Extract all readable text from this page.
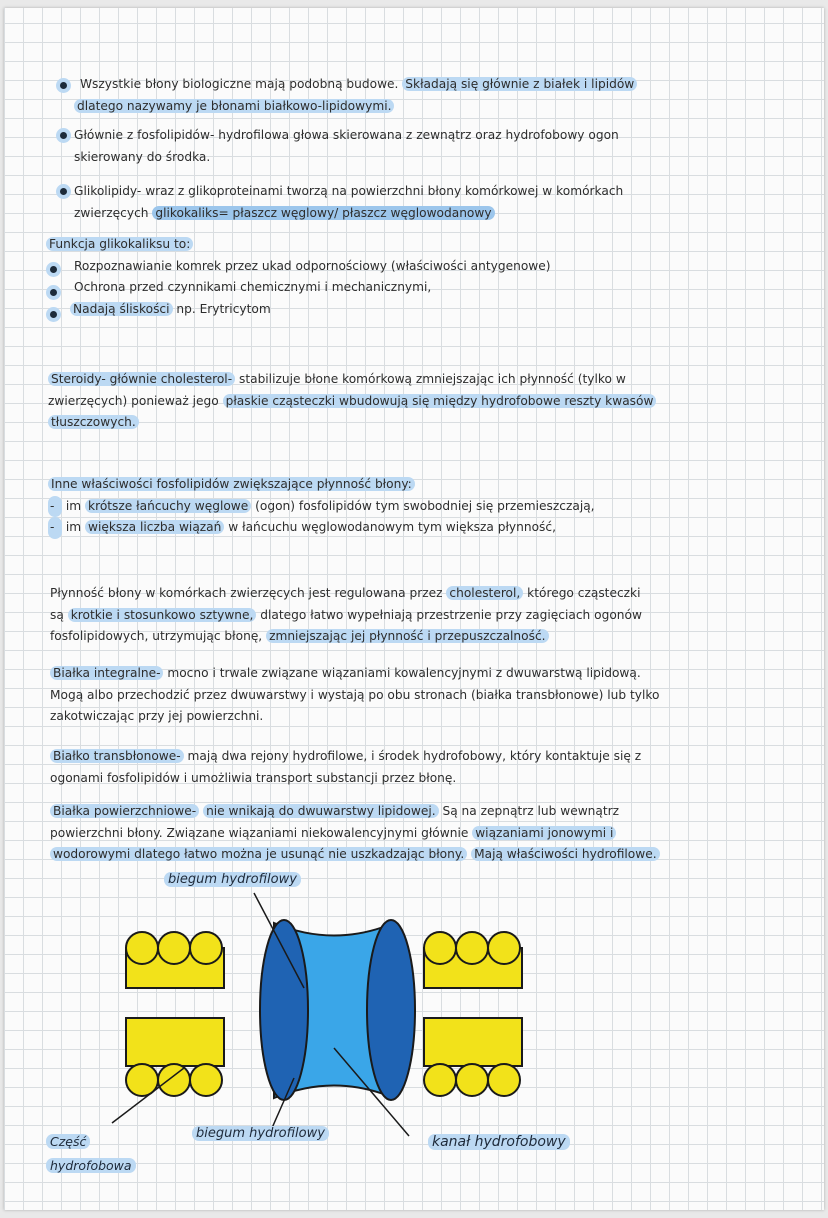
Wszystkie błony biologiczne mają podobną budowe. Składają się głównie z białek i lipidów
dlatego nazywamy je błonami białkowo-lipidowymi.
Głównie z fosfolipidów- hydrofilowa głowa skierowana z zewnątrz oraz hydrofobowy ogon
skierowany do środka.
Glikolipidy- wraz z glikoproteinami tworzą na powierzchni błony komórkowej w komórkach
zwierzęcych glikokaliks= płaszcz węglowy/ płaszcz węglowodanowy
Funkcja glikokaliksu to:
Rozpoznawianie komrek przez ukad odpornościowy (właściwości antygenowe)
Ochrona przed czynnikami chemicznymi i mechanicznymi,
Nadają śliskości np. Erytricytom
Steroidy- głównie cholesterol- stabilizuje błone komórkową zmniejszając ich płynność (tylko w
zwierzęcych) ponieważ jego płaskie cząsteczki wbudowują się między hydrofobowe reszty kwasów
tłuszczowych.
Inne właściwości fosfolipidów zwiększające płynność błony:
- im krótsze łańcuchy węglowe (ogon) fosfolipidów tym swobodniej się przemieszczają,
- im większa liczba wiązań w łańcuchu węglowodanowym tym większa płynność,
Płynność błony w komórkach zwierzęcych jest regulowana przez cholesterol, którego cząsteczki
są krotkie i stosunkowo sztywne, dlatego łatwo wypełniają przestrzenie przy zagięciach ogonów
fosfolipidowych, utrzymując błonę, zmniejszając jej płynność i przepuszczalność.
Białka integralne- mocno i trwale związane wiązaniami kowalencyjnymi z dwuwarstwą lipidową.
Mogą albo przechodzić przez dwuwarstwy i wystają po obu stronach (białka transbłonowe) lub tylko
zakotwiczając przy jej powierzchni.
Białko transbłonowe- mają dwa rejony hydrofilowe, i środek hydrofobowy, który kontaktuje się z
ogonami fosfolipidów i umożliwia transport substancji przez błonę.
Białka powierzchniowe- nie wnikają do dwuwarstwy lipidowej. Są na zepnątrz lub wewnątrz
powierzchni błony. Związane wiązaniami niekowalencyjnymi głównie wiązaniami jonowymi i
wodorowymi dlatego łatwo można je usunąć nie uszkadzając błony. Mają właściwości hydrofilowe.
biegum hydrofilowy
biegum hydrofilowy
kanał hydrofobowy
Część
hydrofobowa
